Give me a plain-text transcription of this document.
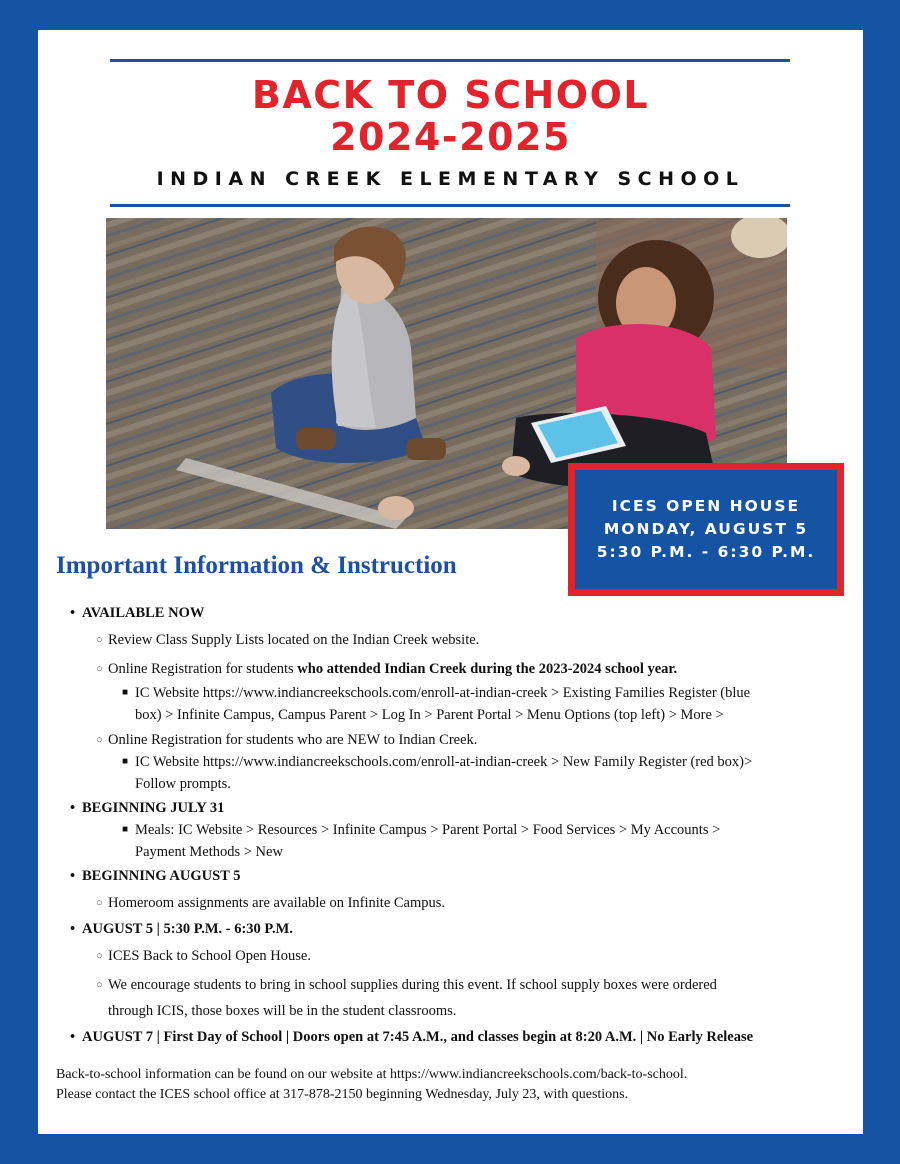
BACK TO SCHOOL
2024-2025
INDIAN CREEK ELEMENTARY SCHOOL
ICES OPEN HOUSE
MONDAY, AUGUST 5
5:30 P.M. - 6:30 P.M.
Important Information & Instruction
• AVAILABLE NOW
○ Review Class Supply Lists located on the Indian Creek website.
○ Online Registration for students who attended Indian Creek during the 2023-2024 school year.
■ IC Website https://www.indiancreekschools.com/enroll-at-indian-creek > Existing Families Register (blue
box) > Infinite Campus, Campus Parent > Log In > Parent Portal > Menu Options (top left) > More >
○ Online Registration for students who are NEW to Indian Creek.
■ IC Website https://www.indiancreekschools.com/enroll-at-indian-creek > New Family Register (red box)>
Follow prompts.
• BEGINNING JULY 31
■ Meals: IC Website > Resources > Infinite Campus > Parent Portal > Food Services > My Accounts >
Payment Methods > New
• BEGINNING AUGUST 5
○ Homeroom assignments are available on Infinite Campus.
• AUGUST 5 | 5:30 P.M. - 6:30 P.M.
○ ICES Back to School Open House.
○ We encourage students to bring in school supplies during this event. If school supply boxes were ordered
through ICIS, those boxes will be in the student classrooms.
• AUGUST 7 | First Day of School | Doors open at 7:45 A.M., and classes begin at 8:20 A.M. | No Early Release
Back-to-school information can be found on our website at https://www.indiancreekschools.com/back-to-school.
Please contact the ICES school office at 317-878-2150 beginning Wednesday, July 23, with questions.
